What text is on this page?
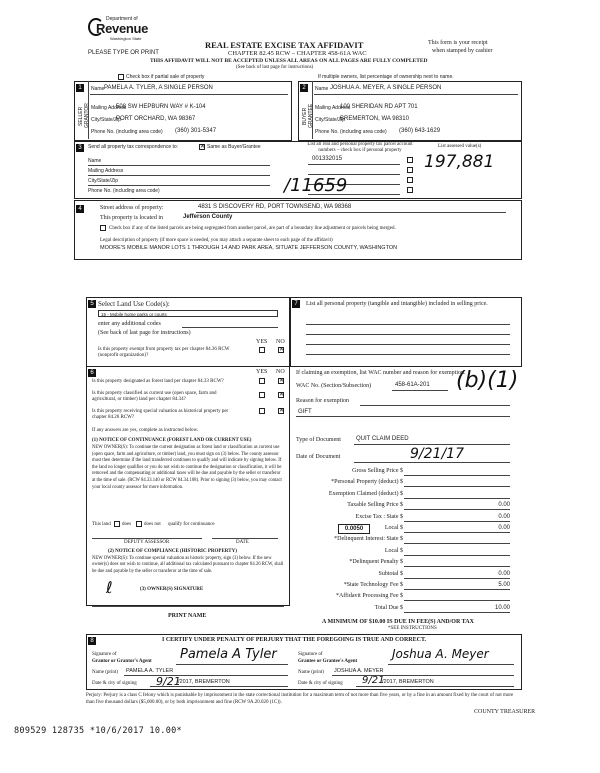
Department of
Revenue
Washington State
PLEASE TYPE OR PRINT
REAL ESTATE EXCISE TAX AFFIDAVIT
CHAPTER 82.45 RCW – CHAPTER 458-61A WAC
THIS AFFIDAVIT WILL NOT BE ACCEPTED UNLESS ALL AREAS ON ALL PAGES ARE FULLY COMPLETED
(See back of last page for instructions)
This form is your receipt
when stamped by cashier
Check box if partial sale of property	If multiple owners, list percentage of ownership next to name.
1	2
SELLER GRANTOR	BUYER GRANTEE
Name PAMELA A. TYLER, A SINGLE PERSON
Mailing Address
508 SW HEPBURN WAY # K-104
City/State/Zip
PORT ORCHARD, WA 98367
Phone No. (including area code) (360) 301-5347
Name JOSHUA A. MEYER, A SINGLE PERSON
Mailing Address
100 SHERIDAN RD APT 701
City/State/Zip
BREMERTON, WA 98310
Phone No. (including area code) (360) 643-1629
3	Send all property tax correspondence to:	✕ Same as Buyer/Grantee
Name
Mailing Address
City/State/Zip
Phone No. (including area code)
List all real and personal property tax parcel account numbers – check box if personal property
List assessed value(s)
001332015	197,881
/11659
4	Street address of property:	4831 S DISCOVERY RD, PORT TOWNSEND, WA 98368
This property is located in	Jefferson County
Check box if any of the listed parcels are being segregated from another parcel, are part of a boundary line adjustment or parcels being merged.
Legal description of property (if more space is needed, you may attach a separate sheet to each page of the affidavit)
MOORE'S MOBILE MANOR LOTS 1 THROUGH 14 AND PARK AREA, SITUATE JEFFERSON COUNTY, WASHINGTON
5 Select Land Use Code(s):
15 - Mobile home parks or courts
enter any additional codes
(See back of last page for instructions)
YES NO
Is this property exempt from property tax per chapter 84.36 RCW (nonprofit organization)?
✕
6	YES NO
Is this property designated as forest land per chapter 84.33 RCW?	✕
Is this property classified as current use (open space, farm and agricultural, or timber) land per chapter 84.34?
✕
Is this property receiving special valuation as historical property per chapter 84.26 RCW?
✕
If any answers are yes, complete as instructed below.
(1) NOTICE OF CONTINUANCE (FOREST LAND OR CURRENT USE)
NEW OWNER(S): To continue the current designation as forest land or classification as current use (open space, farm and agriculture, or timber) land, you must sign on (3) below. The county assessor must then determine if the land transferred continues to qualify and will indicate by signing below. If the land no longer qualifies or you do not wish to continue the designation or classification, it will be removed and the compensating or additional taxes will be due and payable by the seller or transferor at the time of sale. (RCW 84.33.140 or RCW 84.34.108). Prior to signing (3) below, you may contact your local county assessor for more information.
This land does	does not qualify for continuance
DEPUTY ASSESSOR	DATE
(2) NOTICE OF COMPLIANCE (HISTORIC PROPERTY)
NEW OWNER(S): To continue special valuation as historic property, sign (3) below. If the new owner(s) does not wish to continue, all additional tax calculated pursuant to chapter 84.26 RCW, shall be due and payable by the seller or transferor at the time of sale.
(3) OWNER(S) SIGNATURE
ℓ
PRINT NAME
7	List all personal property (tangible and intangible) included in selling price.
If claiming an exemption, list WAC number and reason for exemption.
WAC No. (Section/Subsection)	458-61A-201 (b)(1)
Reason for exemption
GIFT
Type of Document	QUIT CLAIM DEED
Date of Document	9/21/17
Gross Selling Price $
*Personal Property (deduct) $
Exemption Claimed (deduct) $
Taxable Selling Price $	0.00
Excise Tax : State $	0.00
Local $	0.00
0.0050
*Delinquent Interest: State $
Local $
*Delinquent Penalty $
Subtotal $	0.00
*State Technology Fee $	5.00
*Affidavit Processing Fee $
Total Due $	10.00
A MINIMUM OF $10.00 IS DUE IN FEE(S) AND/OR TAX
*SEE INSTRUCTIONS
8	I CERTIFY UNDER PENALTY OF PERJURY THAT THE FOREGOING IS TRUE AND CORRECT.
Signature of
Grantor or Grantor's Agent Pamela A Tyler
Name (print) PAMELA A. TYLER
Date & city of signing 9/21
/2017, BREMERTON
Signature of
Grantee or Grantee's Agent
Joshua A. Meyer
Name (print) JOSHUA A. MEYER
Date & city of signing 9/21
/2017, BREMERTON
Perjury: Perjury is a class C felony which is punishable by imprisonment in the state correctional institution for a maximum term of not more than five years, or by a fine in an amount fixed by the court of not more than five thousand dollars ($5,000.00), or by both imprisonment and fine (RCW 9A.20.020 (1C)).
COUNTY TREASURER
809529 128735 *10/6/2017 10.00*
